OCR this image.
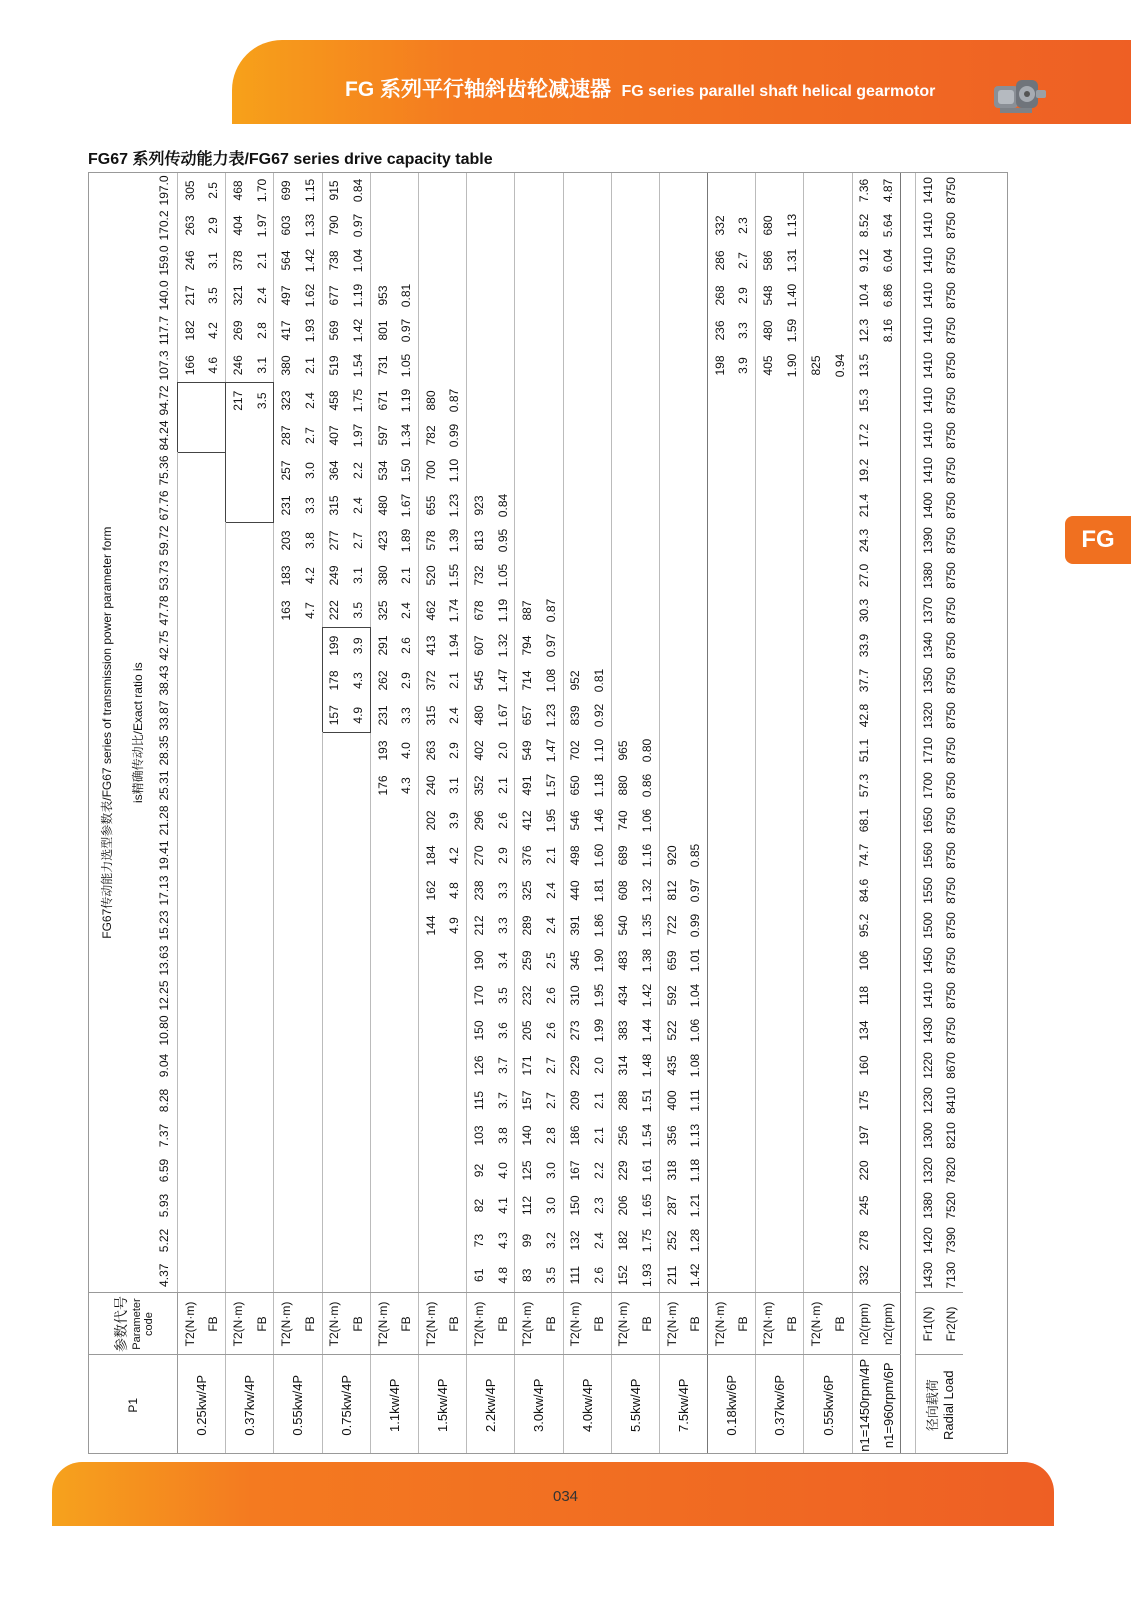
FG 系列平行轴斜齿轮减速器 FG series parallel shaft helical gearmotor
FG
FG67 系列传动能力表/FG67 series drive capacity table
P1	参数代号 Parameter code	FG67传动能力选型参数表/FG67 series of transmission power parameter form																															
		is精确传动比/Exact ratio is																															
		4.37	5.22	5.93	6.59	7.37	8.28	9.04	10.80	12.25	13.63	15.23	17.13	19.41	21.28	25.31	28.35	33.87	38.43	42.75	47.78	53.73	59.72	67.76	75.36	84.24	94.72	107.3	117.7	140.0	159.0	170.2	197.0
0.25kw/4P	T2(N·m)																											166	182	217	246	263	305
	FB																											4.6	4.2	3.5	3.1	2.9	2.5
0.37kw/4P	T2(N·m)																										217	246	269	321	378	404	468
	FB																										3.5	3.1	2.8	2.4	2.1	1.97	1.70
0.55kw/4P	T2(N·m)																				163	183	203	231	257	287	323	380	417	497	564	603	699
	FB																				4.7	4.2	3.8	3.3	3.0	2.7	2.4	2.1	1.93	1.62	1.42	1.33	1.15
0.75kw/4P	T2(N·m)																	157	178	199	222	249	277	315	364	407	458	519	569	677	738	790	915
	FB																	4.9	4.3	3.9	3.5	3.1	2.7	2.4	2.2	1.97	1.75	1.54	1.42	1.19	1.04	0.97	0.84
1.1kw/4P	T2(N·m)															176	193	231	262	291	325	380	423	480	534	597	671	731	801	953			
	FB															4.3	4.0	3.3	2.9	2.6	2.4	2.1	1.89	1.67	1.50	1.34	1.19	1.05	0.97	0.81			
1.5kw/4P	T2(N·m)											144	162	184	202	240	263	315	372	413	462	520	578	655	700	782	880						
	FB											4.9	4.8	4.2	3.9	3.1	2.9	2.4	2.1	1.94	1.74	1.55	1.39	1.23	1.10	0.99	0.87						
2.2kw/4P	T2(N·m)	61	73	82	92	103	115	126	150	170	190	212	238	270	296	352	402	480	545	607	678	732	813	923									
	FB	4.8	4.3	4.1	4.0	3.8	3.7	3.7	3.6	3.5	3.4	3.3	3.3	2.9	2.6	2.1	2.0	1.67	1.47	1.32	1.19	1.05	0.95	0.84									
3.0kw/4P	T2(N·m)	83	99	112	125	140	157	171	205	232	259	289	325	376	412	491	549	657	714	794	887												
	FB	3.5	3.2	3.0	3.0	2.8	2.7	2.7	2.6	2.6	2.5	2.4	2.4	2.1	1.95	1.57	1.47	1.23	1.08	0.97	0.87												
4.0kw/4P	T2(N·m)	111	132	150	167	186	209	229	273	310	345	391	440	498	546	650	702	839	952														
	FB	2.6	2.4	2.3	2.2	2.1	2.1	2.0	1.99	1.95	1.90	1.86	1.81	1.60	1.46	1.18	1.10	0.92	0.81														
5.5kw/4P	T2(N·m)	152	182	206	229	256	288	314	383	434	483	540	608	689	740	880	965																
	FB	1.93	1.75	1.65	1.61	1.54	1.51	1.48	1.44	1.42	1.38	1.35	1.32	1.16	1.06	0.86	0.80																
7.5kw/4P	T2(N·m)	211	252	287	318	356	400	435	522	592	659	722	812	920																			
	FB	1.42	1.28	1.21	1.18	1.13	1.11	1.08	1.06	1.04	1.01	0.99	0.97	0.85																			
0.18kw/6P	T2(N·m)																											198	236	268	286	332	
	FB																											3.9	3.3	2.9	2.7	2.3	
0.37kw/6P	T2(N·m)																											405	480	548	586	680	
	FB																											1.90	1.59	1.40	1.31	1.13	
0.55kw/6P	T2(N·m)																											825					
	FB																											0.94					
n1=1450rpm/4P	n2(rpm)	332	278	245	220	197	175	160	134	118	106	95.2	84.6	74.7	68.1	57.3	51.1	42.8	37.7	33.9	30.3	27.0	24.3	21.4	19.2	17.2	15.3	13.5	12.3	10.4	9.12	8.52	7.36
n1=960rpm/6P	n2(rpm)																												8.16	6.86	6.04	5.64	4.87

径向载荷 Radial Load	Fr1(N)	1430	1420	1380	1320	1300	1230	1220	1430	1410	1450	1500	1550	1560	1650	1700	1710	1320	1350	1340	1370	1380	1390	1400	1410	1410	1410	1410	1410	1410	1410	1410	1410
	Fr2(N)	7130	7390	7520	7820	8210	8410	8670	8750	8750	8750	8750	8750	8750	8750	8750	8750	8750	8750	8750	8750	8750	8750	8750	8750	8750	8750	8750	8750	8750	8750	8750	8750
034
